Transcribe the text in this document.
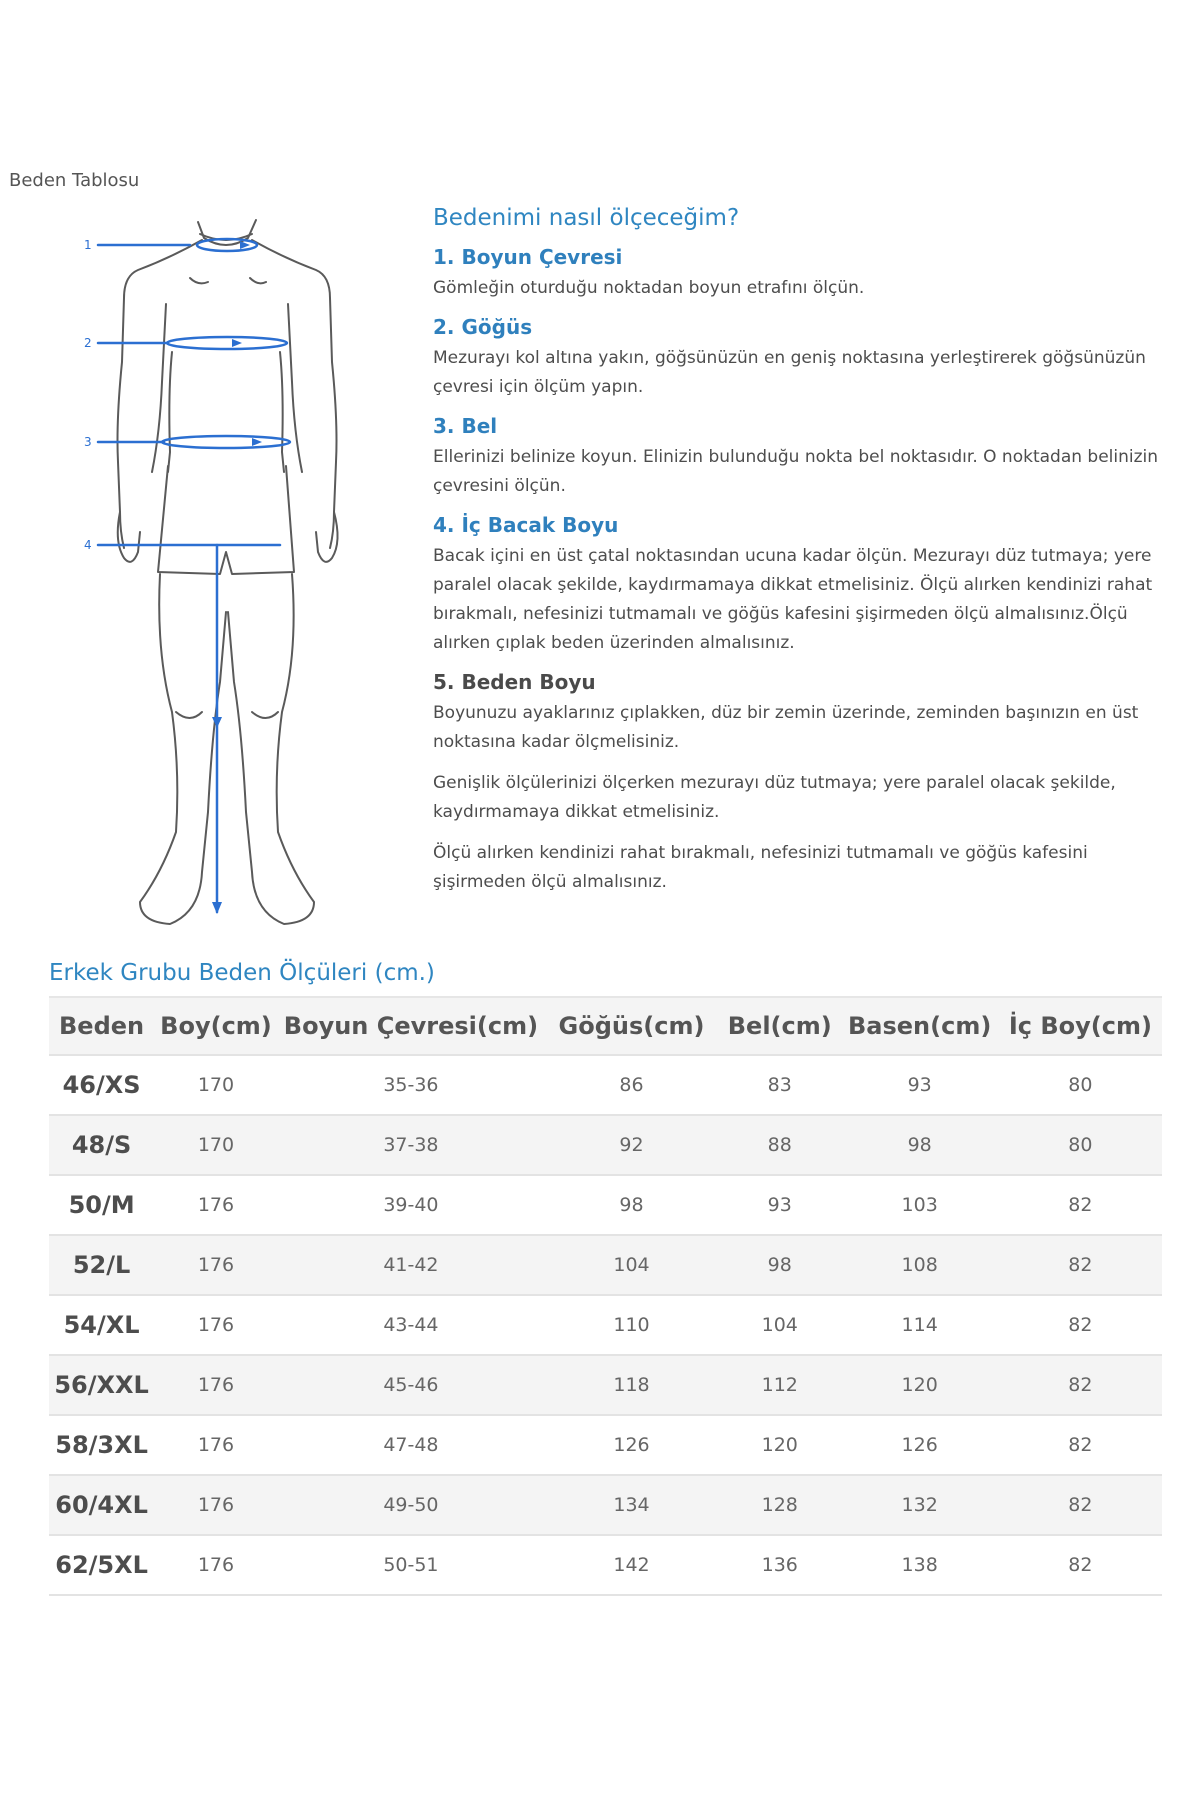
Beden Tablosu
1
2
3
4
Bedenimi nasıl ölçeceğim?
1. Boyun Çevresi
Gömleğin oturduğu noktadan boyun etrafını ölçün.
2. Göğüs
Mezurayı kol altına yakın, göğsünüzün en geniş noktasına yerleştirerek göğsünüzün çevresi için ölçüm yapın.
3. Bel
Ellerinizi belinize koyun. Elinizin bulunduğu nokta bel noktasıdır. O noktadan belinizin çevresini ölçün.
4. İç Bacak Boyu
Bacak içini en üst çatal noktasından ucuna kadar ölçün. Mezurayı düz tutmaya; yere paralel olacak şekilde, kaydırmamaya dikkat etmelisiniz. Ölçü alırken kendinizi rahat bırakmalı, nefesinizi tutmamalı ve göğüs kafesini şişirmeden ölçü almalısınız.Ölçü alırken çıplak beden üzerinden almalısınız.
5. Beden Boyu
Boyunuzu ayaklarınız çıplakken, düz bir zemin üzerinde, zeminden başınızın en üst noktasına kadar ölçmelisiniz.
Genişlik ölçülerinizi ölçerken mezurayı düz tutmaya; yere paralel olacak şekilde, kaydırmamaya dikkat etmelisiniz.
Ölçü alırken kendinizi rahat bırakmalı, nefesinizi tutmamalı ve göğüs kafesini şişirmeden ölçü almalısınız.
Erkek Grubu Beden Ölçüleri (cm.)
Beden	Boy(cm)	Boyun Çevresi(cm)	Göğüs(cm)	Bel(cm)	Basen(cm)	İç Boy(cm)
46/XS	170	35-36	86	83	93	80
48/S	170	37-38	92	88	98	80
50/M	176	39-40	98	93	103	82
52/L	176	41-42	104	98	108	82
54/XL	176	43-44	110	104	114	82
56/XXL	176	45-46	118	112	120	82
58/3XL	176	47-48	126	120	126	82
60/4XL	176	49-50	134	128	132	82
62/5XL	176	50-51	142	136	138	82
